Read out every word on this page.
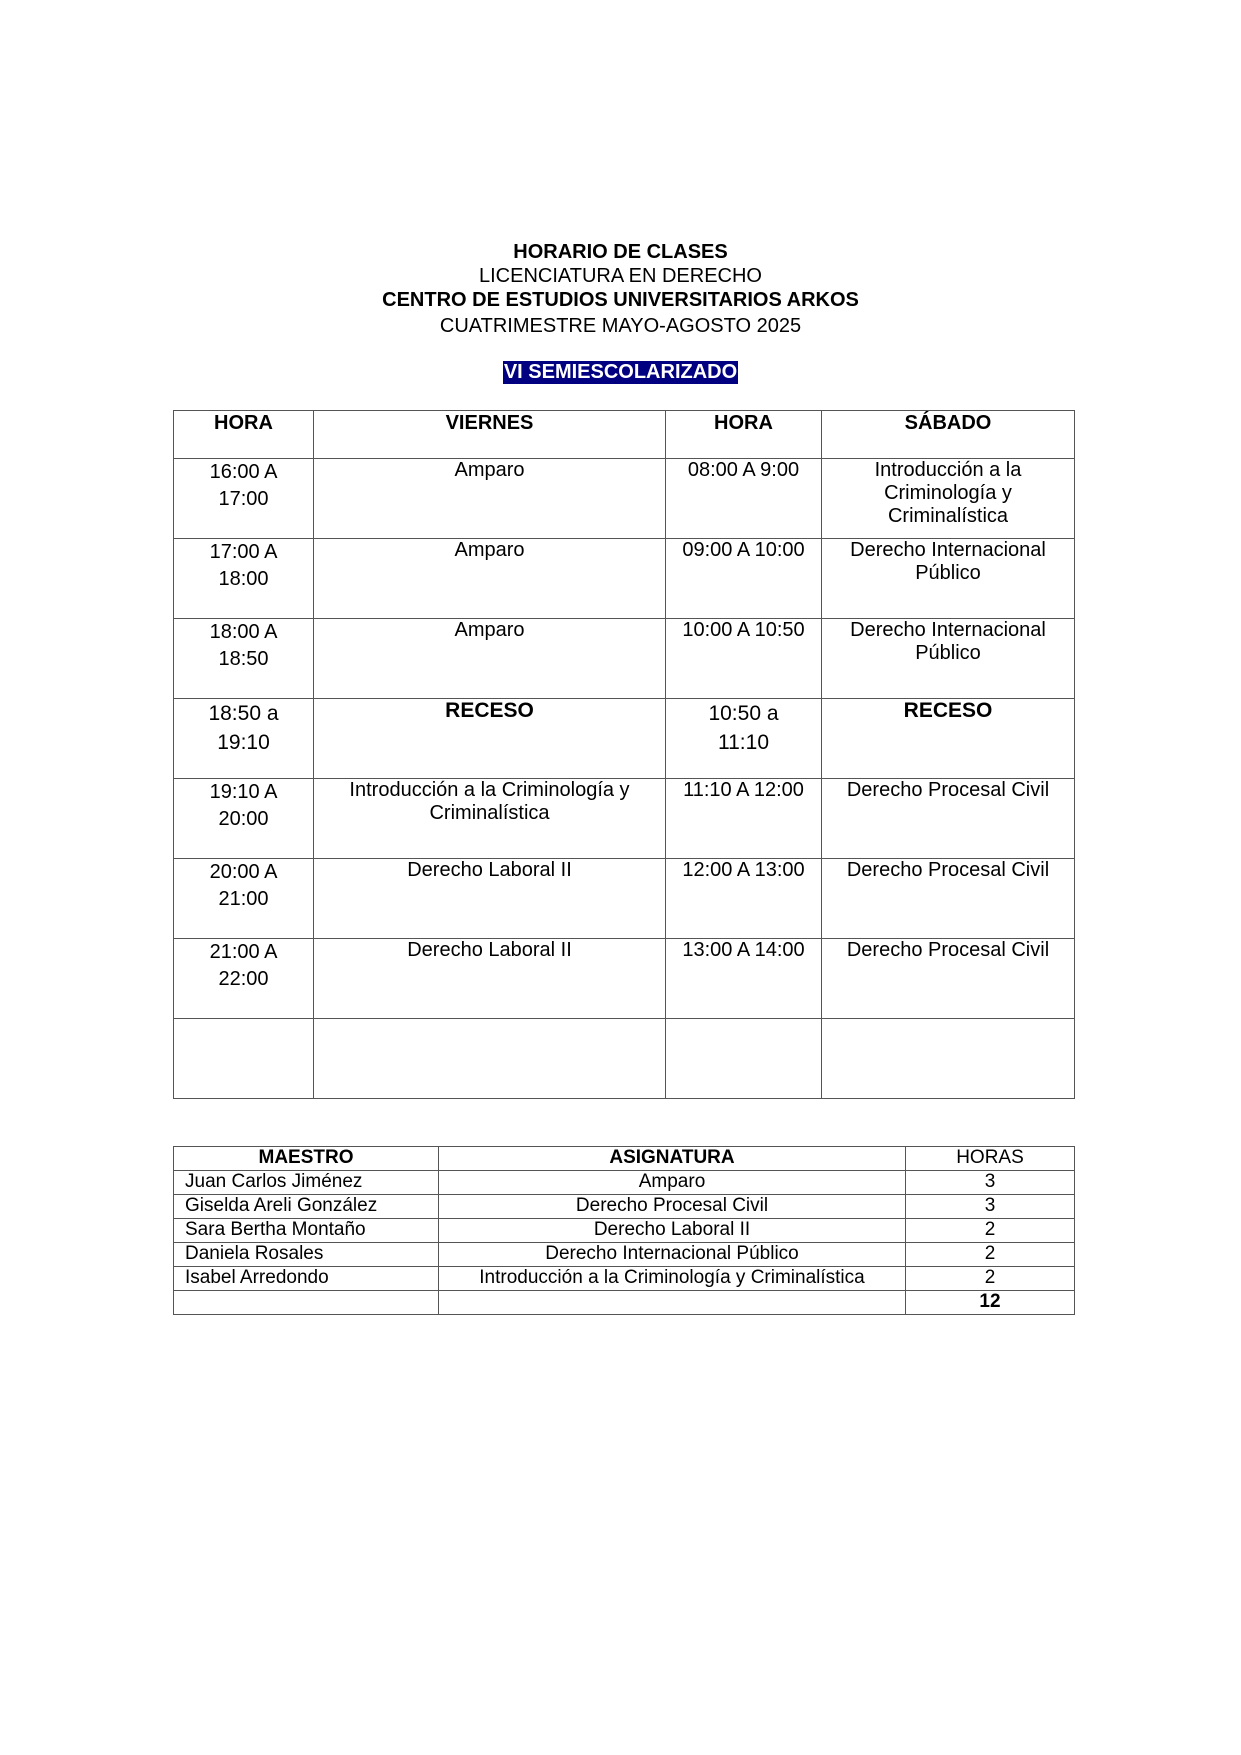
HORARIO DE CLASES
LICENCIATURA EN DERECHO
CENTRO DE ESTUDIOS UNIVERSITARIOS ARKOS
CUATRIMESTRE MAYO-AGOSTO 2025
VI SEMIESCOLARIZADO
HORA	VIERNES	HORA	SÁBADO
16:00 A 17:00	Amparo	08:00 A 9:00	Introducción a la Criminología y Criminalística
17:00 A 18:00	Amparo	09:00 A 10:00	Derecho Internacional Público
18:00 A 18:50	Amparo	10:00 A 10:50	Derecho Internacional Público
18:50 a 19:10	RECESO	10:50 a 11:10	RECESO
19:10 A 20:00	Introducción a la Criminología y Criminalística	11:10 A 12:00	Derecho Procesal Civil
20:00 A 21:00	Derecho Laboral II	12:00 A 13:00	Derecho Procesal Civil
21:00 A 22:00	Derecho Laboral II	13:00 A 14:00	Derecho Procesal Civil

MAESTRO	ASIGNATURA	HORAS
Juan Carlos Jiménez	Amparo	3
Giselda Areli González	Derecho Procesal Civil	3
Sara Bertha Montaño	Derecho Laboral II	2
Daniela Rosales	Derecho Internacional Público	2
Isabel Arredondo	Introducción a la Criminología y Criminalística	2
		12
